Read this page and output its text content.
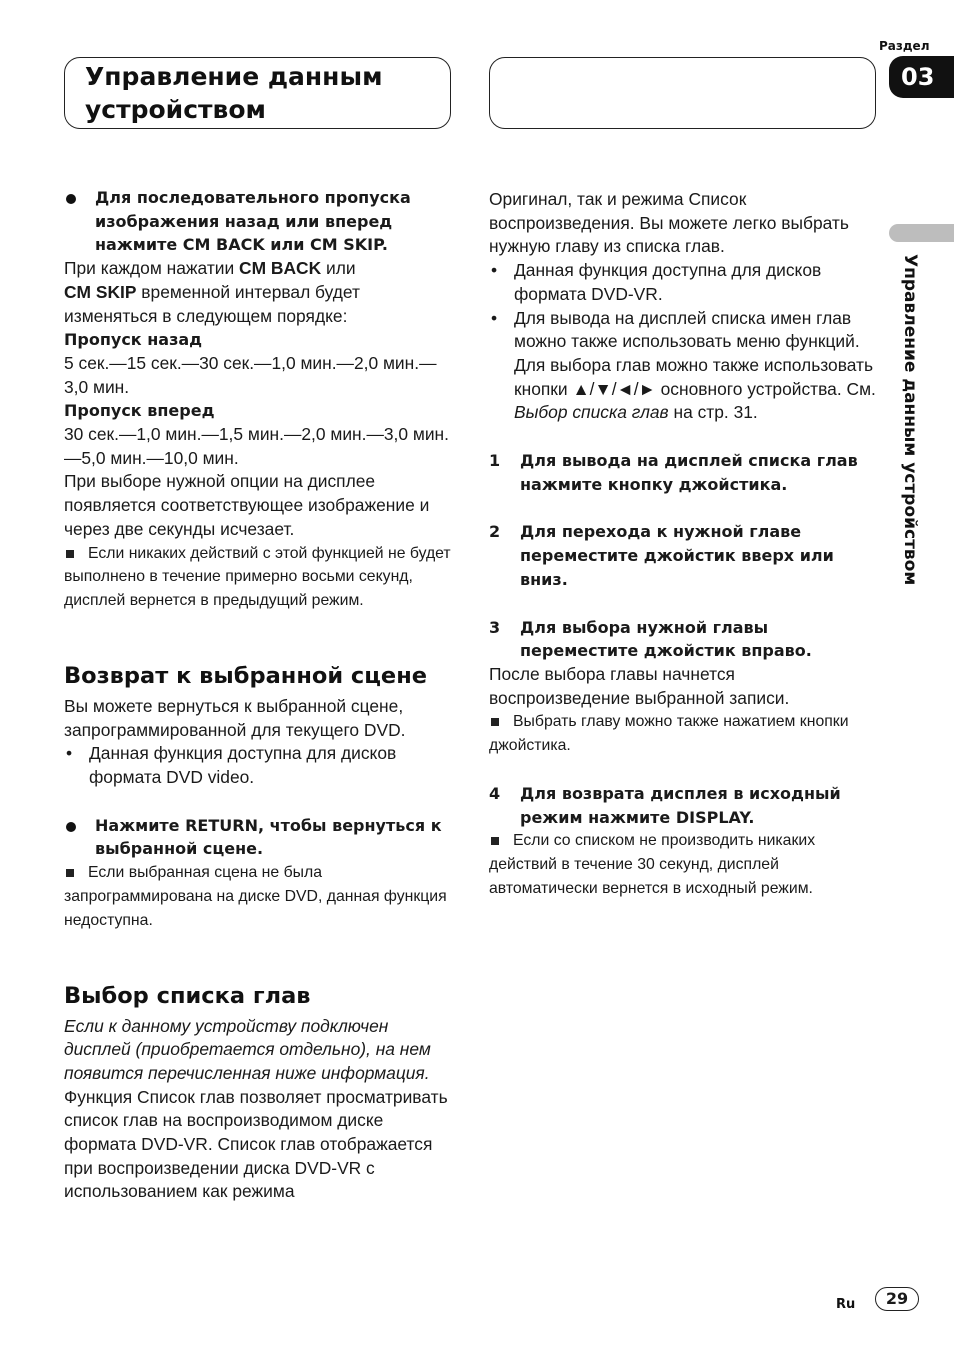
Управление данным устройством
Раздел
03
Управление данным устройством

Для последовательного пропуска изображения назад или вперед нажмите CM BACK или CM SKIP.

При каждом нажатии CM BACK или
CM SKIP временной интервал будет изменяться в следующем порядке:

Пропуск назад

5 сек.—15 сек.—30 сек.—1,0 мин.—2,0 мин.—3,0 мин.

Пропуск вперед

30 сек.—1,0 мин.—1,5 мин.—2,0 мин.—3,0 мин.—5,0 мин.—10,0 мин.

При выборе нужной опции на дисплее появляется соответствующее изображение и через две секунды исчезает.

Если никаких действий с этой функцией не будет выполнено в течение примерно восьми секунд, дисплей вернется в предыдущий режим.

Возврат к выбранной сцене

Вы можете вернуться к выбранной сцене, запрограммированной для текущего DVD.

• Данная функция доступна для дисков формата DVD video.

Нажмите RETURN, чтобы вернуться к выбранной сцене.

Если выбранная сцена не была запрограммирована на диске DVD, данная функция недоступна.

Выбор списка глав

Если к данному устройству подключен дисплей (приобретается отдельно), на нем появится перечисленная ниже информация.

Функция Список глав позволяет просматривать список глав на воспроизводимом диске формата DVD-VR. Список глав отображается при воспроизведении диска DVD-VR с использованием как режима

Оригинал, так и режима Список воспроизведения. Вы можете легко выбрать нужную главу из списка глав.

• Данная функция доступна для дисков формата DVD-VR.

• Для вывода на дисплей списка имен глав можно также использовать меню функций. Для выбора глав можно также использовать кнопки ▲/▼/◄/► основного устройства. См. Выбор списка глав на стр. 31.

1 Для вывода на дисплей списка глав нажмите кнопку джойстика.

2 Для перехода к нужной главе переместите джойстик вверх или вниз.

3 Для выбора нужной главы переместите джойстик вправо.

После выбора главы начнется воспроизведение выбранной записи.

Выбрать главу можно также нажатием кнопки джойстика.

4 Для возврата дисплея в исходный режим нажмите DISPLAY.

Если со списком не производить никаких действий в течение 30 секунд, дисплей автоматически вернется в исходный режим.

Ru	29
